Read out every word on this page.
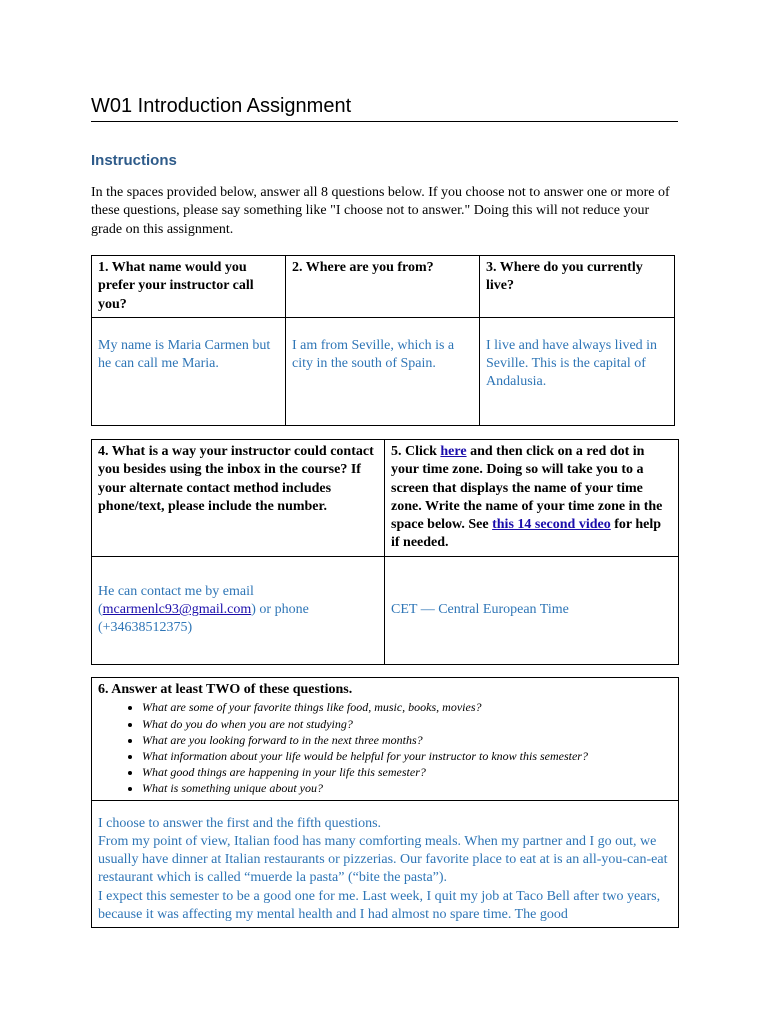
W01 Introduction Assignment
Instructions
In the spaces provided below, answer all 8 questions below. If you choose not to answer one or more of these questions, please say something like "I choose not to answer." Doing this will not reduce your grade on this assignment.
1. What name would you prefer your instructor call you?	2. Where are you from?	3. Where do you currently live?
My name is Maria Carmen but he can call me Maria.	I am from Seville, which is a city in the south of Spain.	I live and have always lived in Seville. This is the capital of Andalusia.
4. What is a way your instructor could contact you besides using the inbox in the course? If your alternate contact method includes phone/text, please include the number.	5. Click here and then click on a red dot in your time zone. Doing so will take you to a screen that displays the name of your time zone. Write the name of your time zone in the space below. See this 14 second video for help if needed.
He can contact me by email (mcarmenlc93@gmail.com) or phone (+34638512375)	CET — Central European Time
6. Answer at least TWO of these questions.
• What are some of your favorite things like food, music, books, movies?
• What do you do when you are not studying?
• What are you looking forward to in the next three months?
• What information about your life would be helpful for your instructor to know this semester?
• What good things are happening in your life this semester?
• What is something unique about you?

I choose to answer the first and the fifth questions.
From my point of view, Italian food has many comforting meals. When my partner and I go out, we usually have dinner at Italian restaurants or pizzerias. Our favorite place to eat at is an all-you-can-eat restaurant which is called “muerde la pasta” (“bite the pasta”).
I expect this semester to be a good one for me. Last week, I quit my job at Taco Bell after two years, because it was affecting my mental health and I had almost no spare time. The good
